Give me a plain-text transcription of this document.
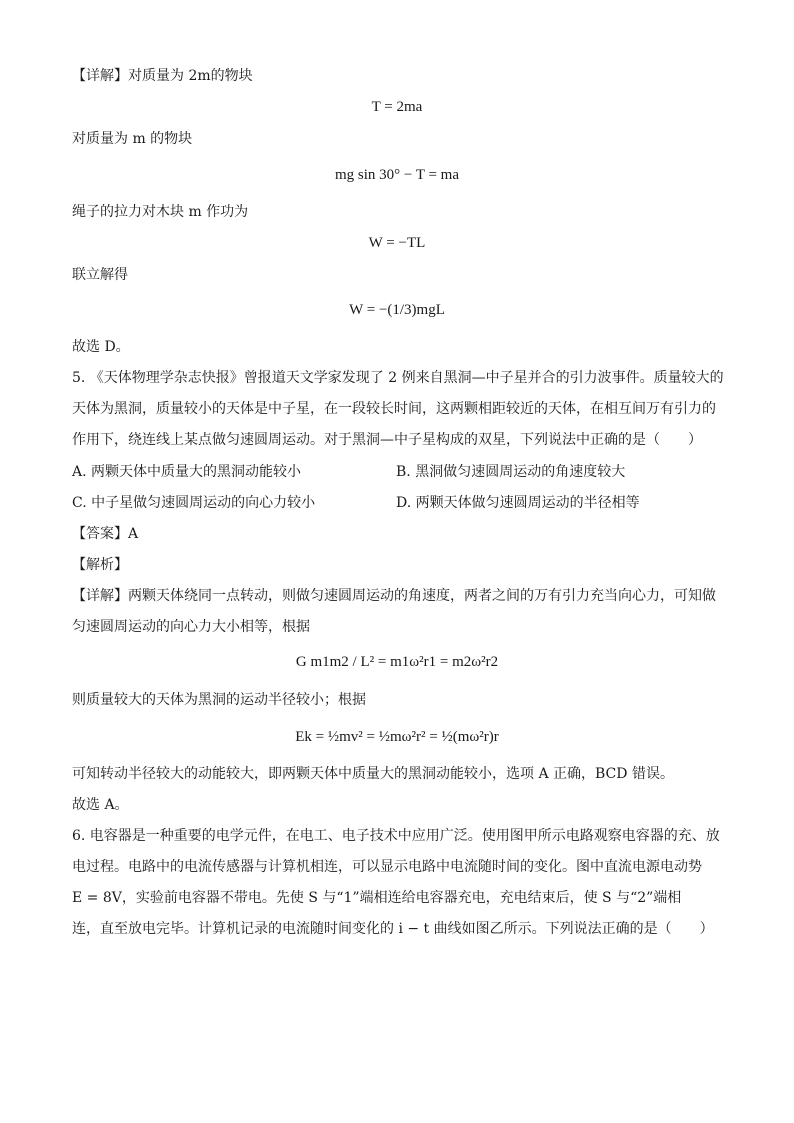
【详解】对质量为 2m的物块
T = 2ma
对质量为 m 的物块
mg sin 30° − T = ma
绳子的拉力对木块 m 作功为
W = −TL
联立解得
W = −(1/3)mgL
故选 D。
5. 《天体物理学杂志快报》曾报道天文学家发现了 2 例来自黑洞—中子星并合的引力波事件。质量较大的
天体为黑洞，质量较小的天体是中子星，在一段较长时间，这两颗相距较近的天体，在相互间万有引力的
作用下，绕连线上某点做匀速圆周运动。对于黑洞—中子星构成的双星，下列说法中正确的是（　　）
A. 两颗天体中质量大的黑洞动能较小	B. 黑洞做匀速圆周运动的角速度较大
C. 中子星做匀速圆周运动的向心力较小	D. 两颗天体做匀速圆周运动的半径相等
【答案】A
【解析】
【详解】两颗天体绕同一点转动，则做匀速圆周运动的角速度，两者之间的万有引力充当向心力，可知做
匀速圆周运动的向心力大小相等，根据
G m1m2 / L² = m1ω²r1 = m2ω²r2
则质量较大的天体为黑洞的运动半径较小；根据
Ek = ½mv² = ½mω²r² = ½(mω²r)r
可知转动半径较大的动能较大，即两颗天体中质量大的黑洞动能较小，选项 A 正确，BCD 错误。
故选 A。
6. 电容器是一种重要的电学元件，在电工、电子技术中应用广泛。使用图甲所示电路观察电容器的充、放
电过程。电路中的电流传感器与计算机相连，可以显示电路中电流随时间的变化。图中直流电源电动势
E = 8V，实验前电容器不带电。先使 S 与“1”端相连给电容器充电，充电结束后，使 S 与“2”端相
连，直至放电完毕。计算机记录的电流随时间变化的 i − t 曲线如图乙所示。下列说法正确的是（　　）
